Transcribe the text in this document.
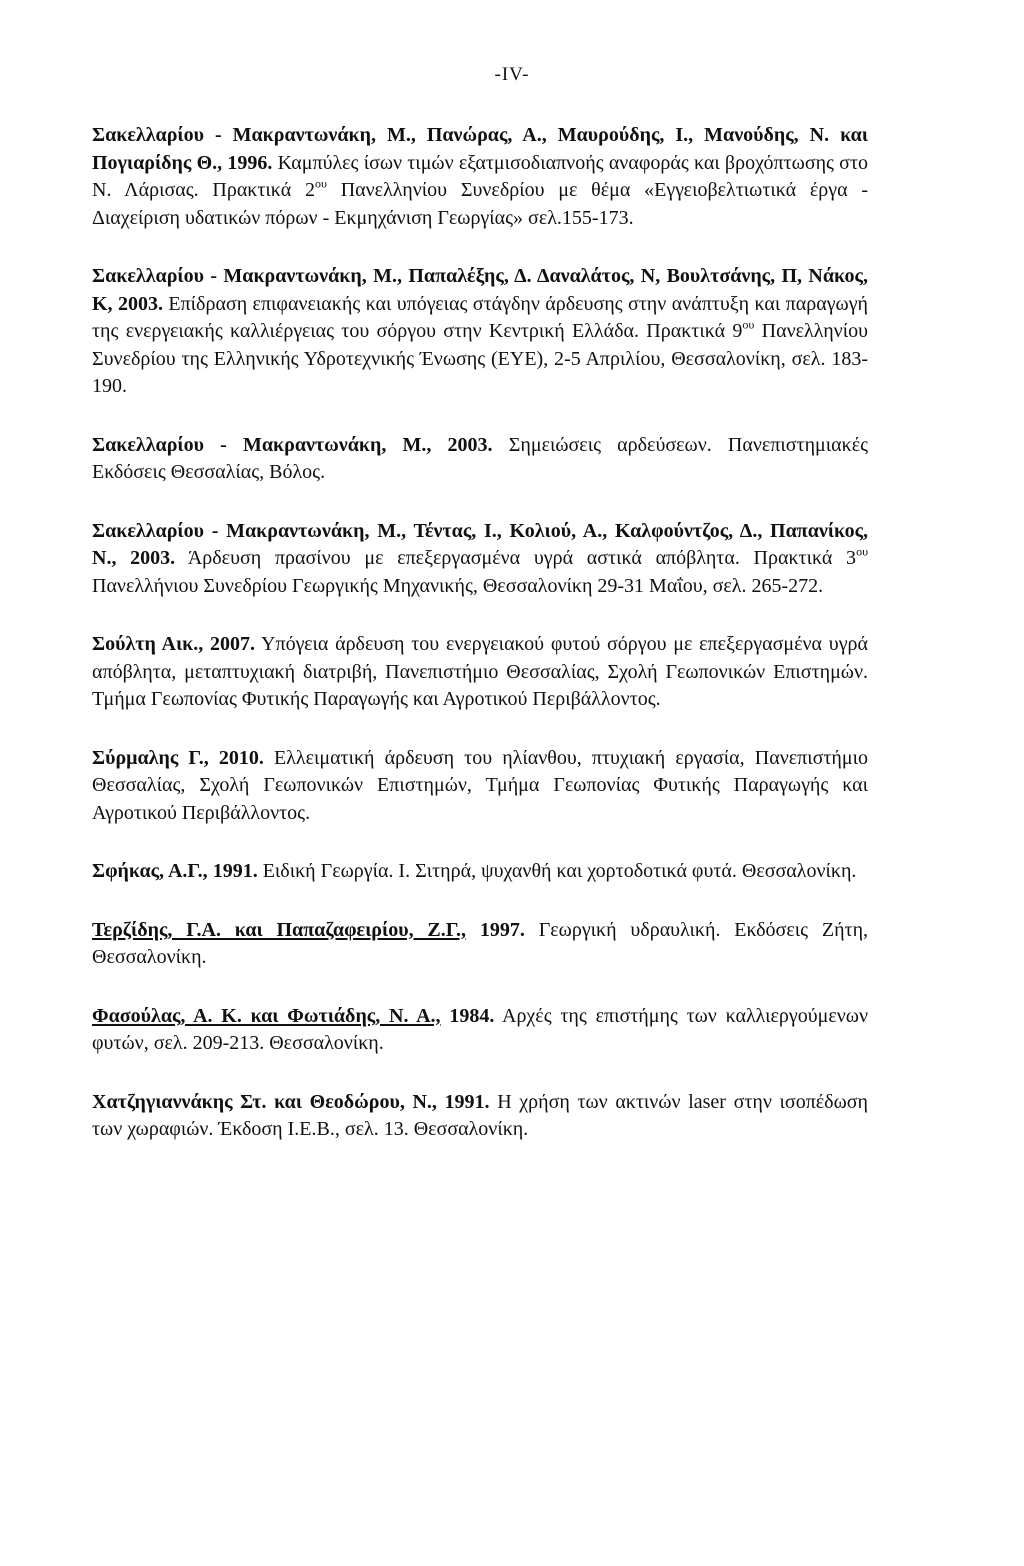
-IV-

Σακελλαρίου - Μακραντωνάκη, Μ., Πανώρας, Α., Μαυρούδης, Ι., Μανούδης, Ν. και Πογιαρίδης Θ., 1996. Καμπύλες ίσων τιμών εξατμισοδιαπνοής αναφοράς και βροχόπτωσης στο Ν. Λάρισας. Πρακτικά $2^{o\upsilon}$ Πανελληνίου Συνεδρίου με θέμα «Εγγειοβελτιωτικά έργα - Διαχείριση υδατικών πόρων - Εκμηχάνιση Γεωργίας» σελ.155-173.

Σακελλαρίου - Μακραντωνάκη, Μ., Παπαλέξης, Δ. Δαναλάτος, Ν, Βουλτσάνης, Π, Νάκος, Κ, 2003. Επίδραση επιφανειακής και υπόγειας στάγδην άρδευσης στην ανάπτυξη και παραγωγή της ενεργειακής καλλιέργειας του σόργου στην Κεντρική Ελλάδα. Πρακτικά $9^{o\upsilon}$ Πανελληνίου Συνεδρίου της Ελληνικής Υδροτεχνικής Ένωσης (ΕΥΕ), 2-5 Απριλίου, Θεσσαλονίκη, σελ. 183-190.

Σακελλαρίου - Μακραντωνάκη, Μ., 2003. Σημειώσεις αρδεύσεων. Πανεπιστημιακές Εκδόσεις Θεσσαλίας, Βόλος.

Σακελλαρίου - Μακραντωνάκη, Μ., Τέντας, Ι., Κολιού, Α., Καλφούντζος, Δ., Παπανίκος, Ν., 2003. Άρδευση πρασίνου με επεξεργασμένα υγρά αστικά απόβλητα. Πρακτικά $3^{o\upsilon}$ Πανελλήνιου Συνεδρίου Γεωργικής Μηχανικής, Θεσσαλονίκη 29-31 Μαΐου, σελ. 265-272.

Σούλτη Αικ., 2007. Υπόγεια άρδευση του ενεργειακού φυτού σόργου με επεξεργασμένα υγρά απόβλητα, μεταπτυχιακή διατριβή, Πανεπιστήμιο Θεσσαλίας, Σχολή Γεωπονικών Επιστημών. Τμήμα Γεωπονίας Φυτικής Παραγωγής και Αγροτικού Περιβάλλοντος.

Σύρμαλης Γ., 2010. Ελλειματική άρδευση του ηλίανθου, πτυχιακή εργασία, Πανεπιστήμιο Θεσσαλίας, Σχολή Γεωπονικών Επιστημών, Τμήμα Γεωπονίας Φυτικής Παραγωγής και Αγροτικού Περιβάλλοντος.

Σφήκας, Α.Γ., 1991. Ειδική Γεωργία. Ι. Σιτηρά, ψυχανθή και χορτοδοτικά φυτά. Θεσσαλονίκη.

Τερζίδης, Γ.Α. και Παπαζαφειρίου, Ζ.Γ., 1997. Γεωργική υδραυλική. Εκδόσεις Ζήτη, Θεσσαλονίκη.

Φασούλας, Α. Κ. και Φωτιάδης, Ν. Α., 1984. Αρχές της επιστήμης των καλλιεργούμενων φυτών, σελ. 209-213. Θεσσαλονίκη.

Χατζηγιαννάκης Στ. και Θεοδώρου, Ν., 1991. Η χρήση των ακτινών laser στην ισοπέδωση των χωραφιών. Έκδοση Ι.Ε.Β., σελ. 13. Θεσσαλονίκη.
